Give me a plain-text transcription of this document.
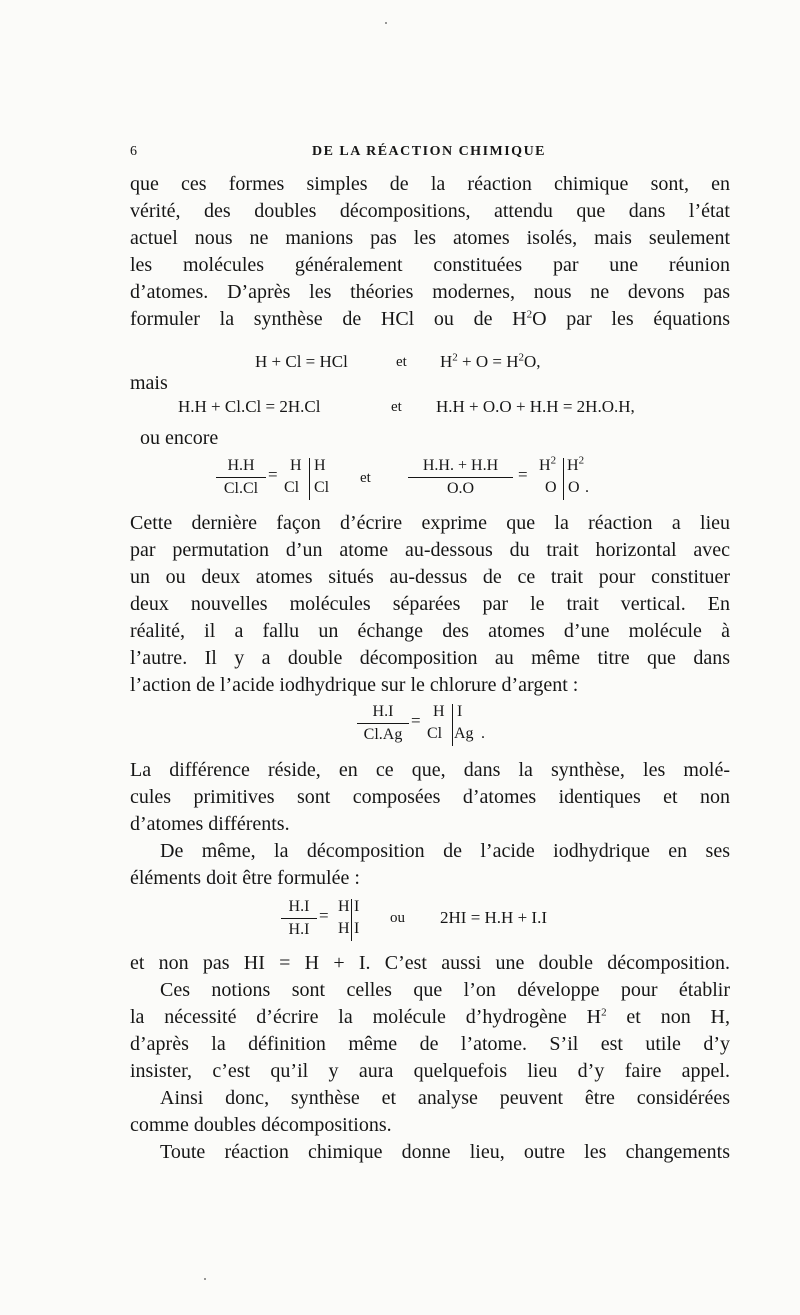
6	DE LA RÉACTION CHIMIQUE
que ces formes simples de la réaction chimique sont, en
vérité, des doubles décompositions, attendu que dans l’état
actuel nous ne manions pas les atomes isolés, mais seulement
les molécules généralement constituées par une réunion
d’atomes. D’après les théories modernes, nous ne devons pas
formuler la synthèse de HCl ou de $H^2O$ par les équations
H + Cl = HCl	et $H^2 + O = H^2O$,
mais
H.H + Cl.Cl = 2H.Cl	et H.H + O.O + H.H = 2H.O.H,
ou encore
H.H
Cl.Cl
= H H
Cl Cl
et
H.H. + H.H
O.O
= $H^2$ $H^2$
O O .
Cette dernière façon d’écrire exprime que la réaction a lieu
par permutation d’un atome au-dessous du trait horizontal avec
un ou deux atomes situés au-dessus de ce trait pour constituer
deux nouvelles molécules séparées par le trait vertical. En
réalité, il a fallu un échange des atomes d’une molécule à
l’autre. Il y a double décomposition au même titre que dans
l’action de l’acide iodhydrique sur le chlorure d’argent :
H.I
Cl.Ag
= H I
Cl Ag .
La différence réside, en ce que, dans la synthèse, les molé-
cules primitives sont composées d’atomes identiques et non
d’atomes différents.
De même, la décomposition de l’acide iodhydrique en ses
éléments doit être formulée :
H.I
H.I
= H I
H I
ou 2HI = H.H + I.I
et non pas HI = H + I. C’est aussi une double décomposition.
Ces notions sont celles que l’on développe pour établir
la nécessité d’écrire la molécule d’hydrogène $H^2$ et non H,
d’après la définition même de l’atome. S’il est utile d’y
insister, c’est qu’il y aura quelquefois lieu d’y faire appel.
Ainsi donc, synthèse et analyse peuvent être considérées
comme doubles décompositions.
Toute réaction chimique donne lieu, outre les changements
